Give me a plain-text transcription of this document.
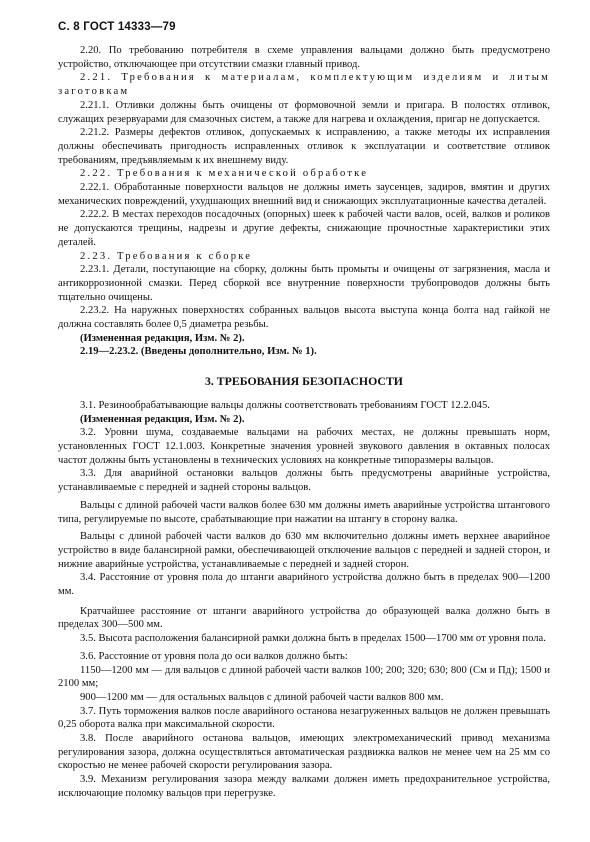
С. 8 ГОСТ 14333—79

2.20. По требованию потребителя в схеме управления вальцами должно быть предусмотрено устройство, отключающее при отсутствии смазки главный привод.

2.21. Требования к материалам, комплектующим изделиям и литым заготовкам

2.21.1. Отливки должны быть очищены от формовочной земли и пригара. В полостях отливок, служащих резервуарами для смазочных систем, а также для нагрева и охлаждения, пригар не допускается.

2.21.2. Размеры дефектов отливок, допускаемых к исправлению, а также методы их исправления должны обеспечивать пригодность исправленных отливок к эксплуатации и соответствие отливок требованиям, предъявляемым к их внешнему виду.

2.22. Требования к механической обработке

2.22.1. Обработанные поверхности вальцов не должны иметь заусенцев, задиров, вмятин и других механических повреждений, ухудшающих внешний вид и снижающих эксплуатационные качества деталей.

2.22.2. В местах переходов посадочных (опорных) шеек к рабочей части валов, осей, валков и роликов не допускаются трещины, надрезы и другие дефекты, снижающие прочностные характеристики этих деталей.

2.23. Требования к сборке

2.23.1. Детали, поступающие на сборку, должны быть промыты и очищены от загрязнения, масла и антикоррозионной смазки. Перед сборкой все внутренние поверхности трубопроводов должны быть тщательно очищены.

2.23.2. На наружных поверхностях собранных вальцов высота выступа конца болта над гайкой не должна составлять более 0,5 диаметра резьбы.

(Измененная редакция, Изм. № 2).

2.19—2.23.2. (Введены дополнительно, Изм. № 1).

3. ТРЕБОВАНИЯ БЕЗОПАСНОСТИ

3.1. Резинообрабатывающие вальцы должны соответствовать требованиям ГОСТ 12.2.045.

(Измененная редакция, Изм. № 2).

3.2. Уровни шума, создаваемые вальцами на рабочих местах, не должны превышать норм, установленных ГОСТ 12.1.003. Конкретные значения уровней звукового давления в октавных полосах частот должны быть установлены в технических условиях на конкретные типоразмеры вальцов.

3.3. Для аварийной остановки вальцов должны быть предусмотрены аварийные устройства, устанавливаемые с передней и задней стороны вальцов.

Вальцы с длиной рабочей части валков более 630 мм должны иметь аварийные устройства штангового типа, регулируемые по высоте, срабатывающие при нажатии на штангу в сторону валка.

Вальцы с длиной рабочей части валков до 630 мм включительно должны иметь верхнее аварийное устройство в виде балансирной рамки, обеспечивающей отключение вальцов с передней и задней сторон, и нижние аварийные устройства, устанавливаемые с передней и задней сторон.

3.4. Расстояние от уровня пола до штанги аварийного устройства должно быть в пределах 900—1200 мм.

Кратчайшее расстояние от штанги аварийного устройства до образующей валка должно быть в пределах 300—500 мм.

3.5. Высота расположения балансирной рамки должна быть в пределах 1500—1700 мм от уровня пола.

3.6. Расстояние от уровня пола до оси валков должно быть:

1150—1200 мм — для вальцов с длиной рабочей части валков 100; 200; 320; 630; 800 (См и Пд); 1500 и 2100 мм;

900—1200 мм — для остальных вальцов с длиной рабочей части валков 800 мм.

3.7. Путь торможения валков после аварийного останова незагруженных вальцов не должен превышать 0,25 оборота валка при максимальной скорости.

3.8. После аварийного останова вальцов, имеющих электромеханический привод механизма регулирования зазора, должна осуществляться автоматическая раздвижка валков не менее чем на 25 мм со скоростью не менее рабочей скорости регулирования зазора.

3.9. Механизм регулирования зазора между валками должен иметь предохранительное устройства, исключающие поломку вальцов при перегрузке.
